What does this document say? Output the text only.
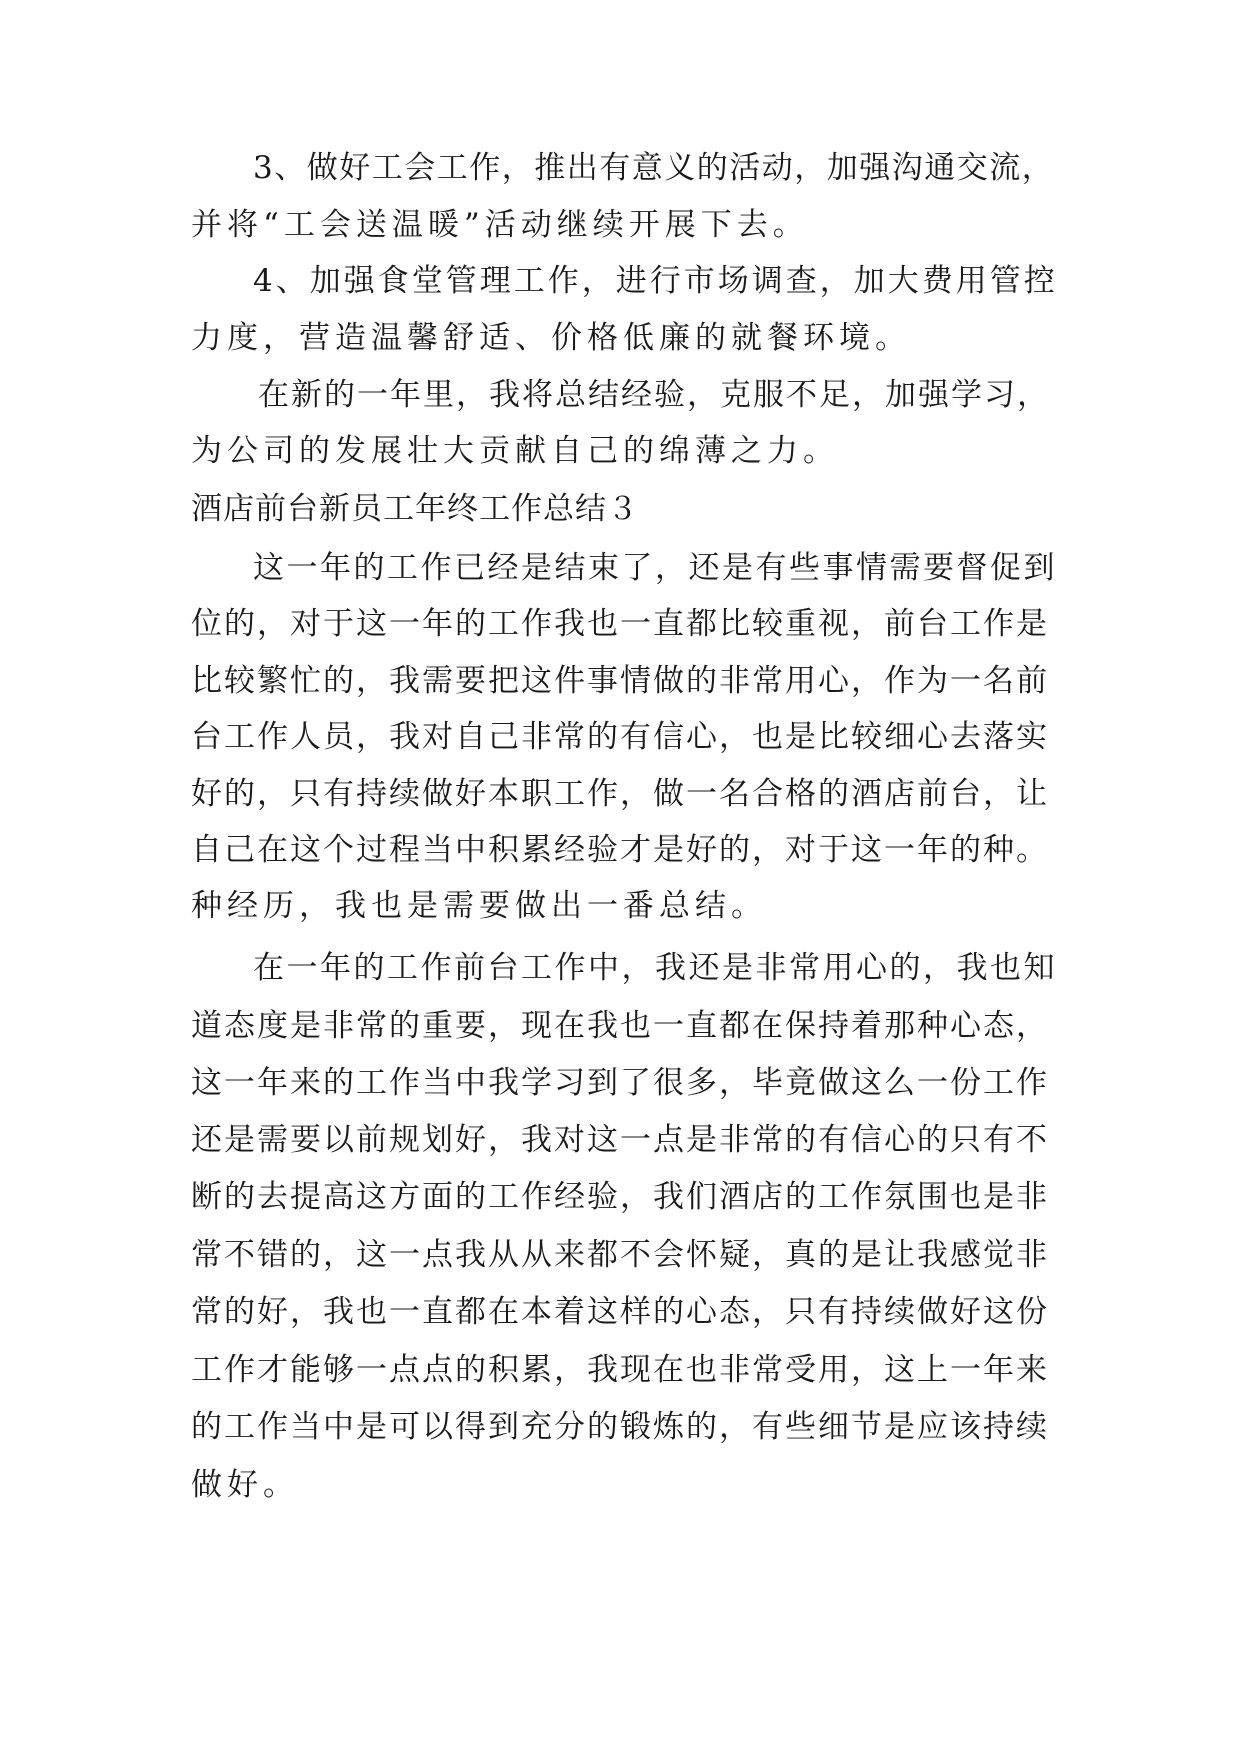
3、做好工会工作，推出有意义的活动，加强沟通交流，
并将“工会送温暖”活动继续开展下去。
4、加强食堂管理工作，进行市场调查，加大费用管控
力度，营造温馨舒适、价格低廉的就餐环境。
在新的一年里，我将总结经验，克服不足，加强学习，
为公司的发展壮大贡献自己的绵薄之力。
酒店前台新员工年终工作总结３
这一年的工作已经是结束了，还是有些事情需要督促到
位的，对于这一年的工作我也一直都比较重视，前台工作是
比较繁忙的，我需要把这件事情做的非常用心，作为一名前
台工作人员，我对自己非常的有信心，也是比较细心去落实
好的，只有持续做好本职工作，做一名合格的酒店前台，让
自己在这个过程当中积累经验才是好的，对于这一年的种。
种经历，我也是需要做出一番总结。
在一年的工作前台工作中，我还是非常用心的，我也知
道态度是非常的重要，现在我也一直都在保持着那种心态，
这一年来的工作当中我学习到了很多，毕竟做这么一份工作
还是需要以前规划好，我对这一点是非常的有信心的只有不
断的去提高这方面的工作经验，我们酒店的工作氛围也是非
常不错的，这一点我从从来都不会怀疑，真的是让我感觉非
常的好，我也一直都在本着这样的心态，只有持续做好这份
工作才能够一点点的积累，我现在也非常受用，这上一年来
的工作当中是可以得到充分的锻炼的，有些细节是应该持续
做好。
